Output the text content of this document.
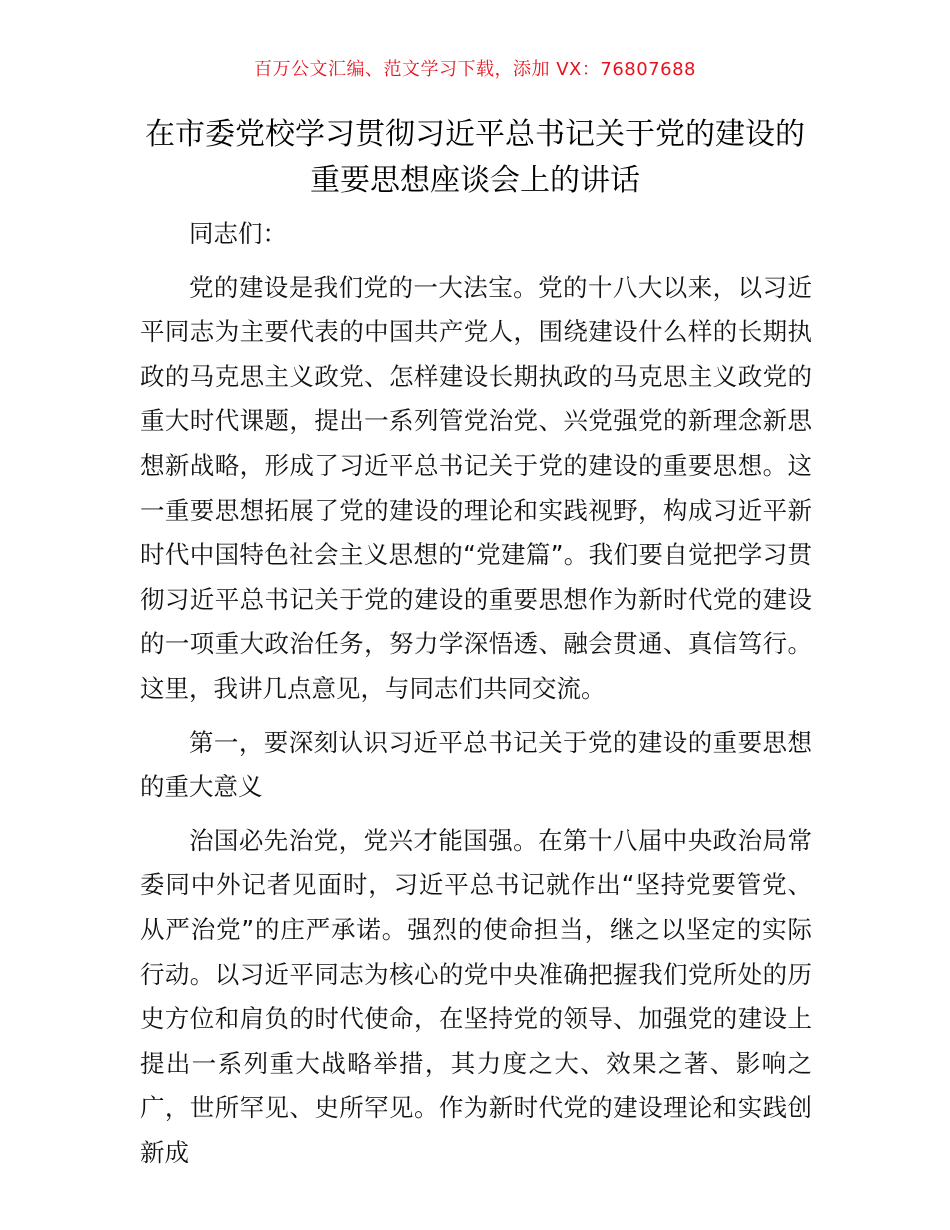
百万公文汇编、范文学习下载，添加 VX：76807688
在市委党校学习贯彻习近平总书记关于党的建设的重要思想座谈会上的讲话

同志们：

党的建设是我们党的一大法宝。党的十八大以来，以习近平同志为主要代表的中国共产党人，围绕建设什么样的长期执政的马克思主义政党、怎样建设长期执政的马克思主义政党的重大时代课题，提出一系列管党治党、兴党强党的新理念新思想新战略，形成了习近平总书记关于党的建设的重要思想。这一重要思想拓展了党的建设的理论和实践视野，构成习近平新时代中国特色社会主义思想的“党建篇”。我们要自觉把学习贯彻习近平总书记关于党的建设的重要思想作为新时代党的建设的一项重大政治任务，努力学深悟透、融会贯通、真信笃行。这里，我讲几点意见，与同志们共同交流。

第一，要深刻认识习近平总书记关于党的建设的重要思想的重大意义

治国必先治党，党兴才能国强。在第十八届中央政治局常委同中外记者见面时，习近平总书记就作出“坚持党要管党、从严治党”的庄严承诺。强烈的使命担当，继之以坚定的实际行动。以习近平同志为核心的党中央准确把握我们党所处的历史方位和肩负的时代使命，在坚持党的领导、加强党的建设上提出一系列重大战略举措，其力度之大、效果之著、影响之广，世所罕见、史所罕见。作为新时代党的建设理论和实践创新成
